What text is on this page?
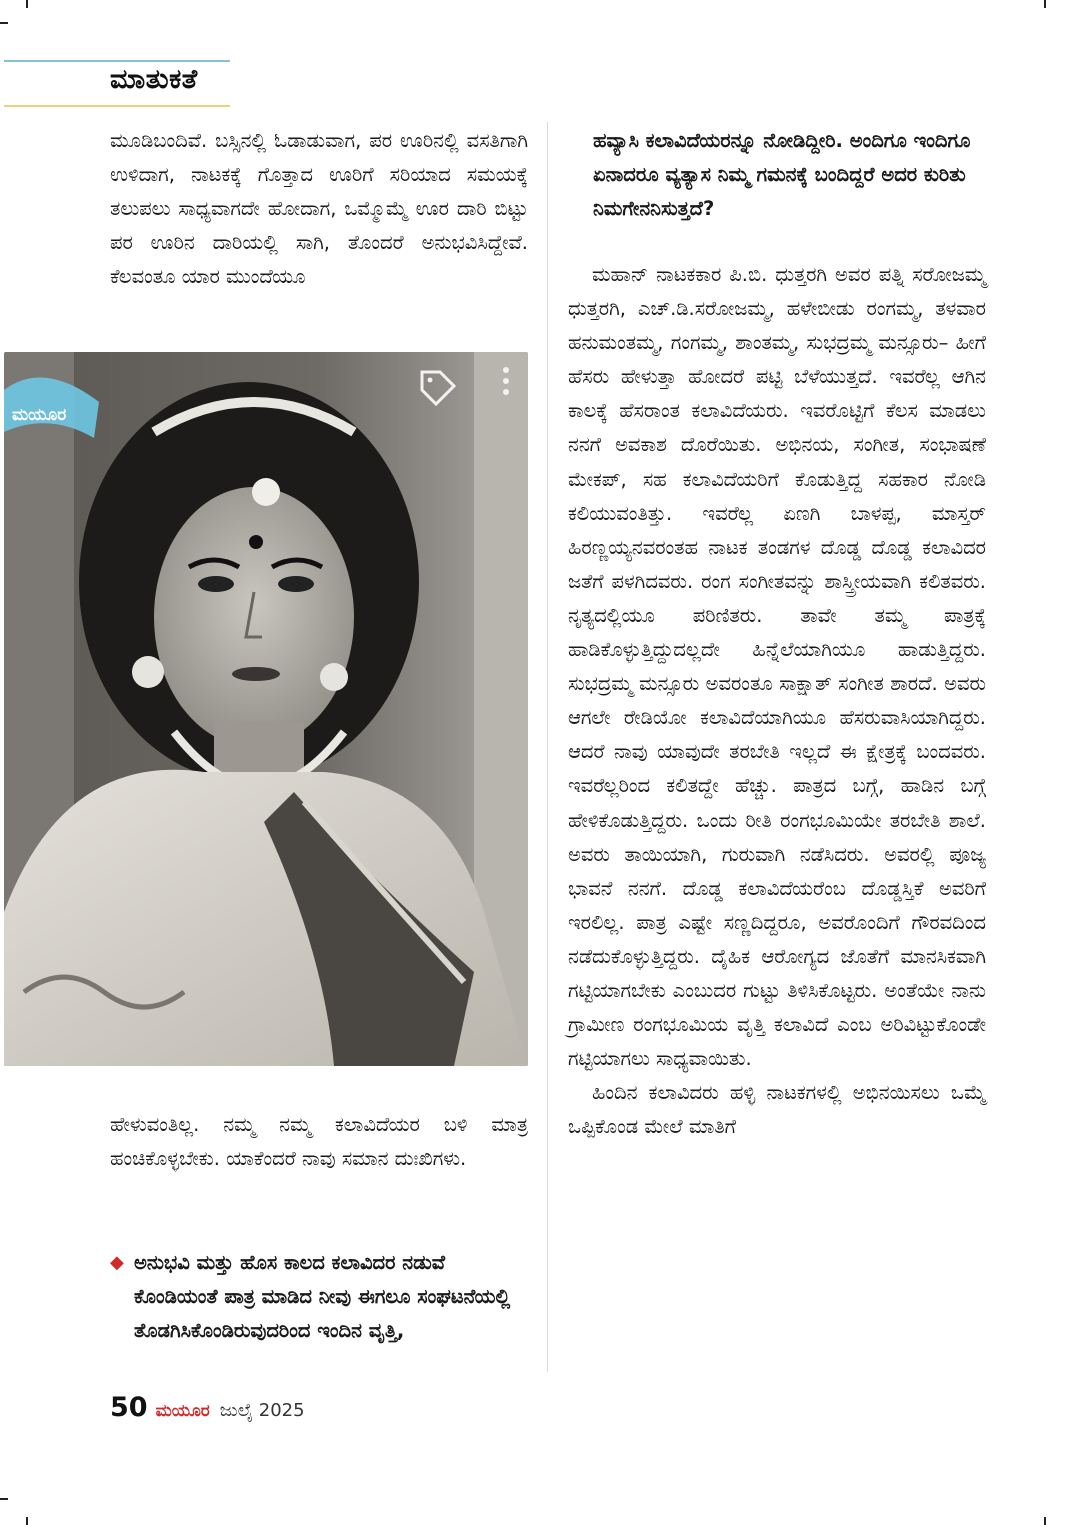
ಮಾತುಕತೆ

ಮೂಡಿಬಂದಿವೆ. ಬಸ್ಸಿನಲ್ಲಿ ಓಡಾಡುವಾಗ, ಪರ ಊರಿನಲ್ಲಿ ವಸತಿಗಾಗಿ ಉಳಿದಾಗ, ನಾಟಕಕ್ಕೆ ಗೊತ್ತಾದ ಊರಿಗೆ ಸರಿಯಾದ ಸಮಯಕ್ಕೆ ತಲುಪಲು ಸಾಧ್ಯವಾಗದೇ ಹೋದಾಗ, ಒಮ್ಮೊಮ್ಮೆ ಊರ ದಾರಿ ಬಿಟ್ಟು ಪರ ಊರಿನ ದಾರಿಯಲ್ಲಿ ಸಾಗಿ, ತೊಂದರೆ ಅನುಭವಿಸಿದ್ದೇವೆ. ಕೆಲವಂತೂ ಯಾರ ಮುಂದೆಯೂ

ಮಯೂರ

ಹೇಳುವಂತಿಲ್ಲ. ನಮ್ಮ ನಮ್ಮ ಕಲಾವಿದೆಯರ ಬಳಿ ಮಾತ್ರ ಹಂಚಿಕೊಳ್ಳಬೇಕು. ಯಾಕೆಂದರೆ ನಾವು ಸಮಾನ ದುಃಖಿಗಳು.

◆ ಅನುಭವಿ ಮತ್ತು ಹೊಸ ಕಾಲದ ಕಲಾವಿದರ ನಡುವೆ ಕೊಂಡಿಯಂತೆ ಪಾತ್ರ ಮಾಡಿದ ನೀವು ಈಗಲೂ ಸಂಘಟನೆಯಲ್ಲಿ ತೊಡಗಿಸಿಕೊಂಡಿರುವುದರಿಂದ ಇಂದಿನ ವೃತ್ತಿ,
ಹವ್ಯಾಸಿ ಕಲಾವಿದೆಯರನ್ನೂ ನೋಡಿದ್ದೀರಿ. ಅಂದಿಗೂ ಇಂದಿಗೂ ಏನಾದರೂ ವ್ಯತ್ಯಾಸ ನಿಮ್ಮ ಗಮನಕ್ಕೆ ಬಂದಿದ್ದರೆ ಅದರ ಕುರಿತು ನಿಮಗೇನನಿಸುತ್ತದೆ?

ಮಹಾನ್ ನಾಟಕಕಾರ ಪಿ.ಬಿ. ಧುತ್ತರಗಿ ಅವರ ಪತ್ನಿ ಸರೋಜಮ್ಮ ಧುತ್ತರಗಿ, ಎಚ್.ಡಿ.ಸರೋಜಮ್ಮ, ಹಳೇಬೀಡು ರಂಗಮ್ಮ, ತಳವಾರ ಹನುಮಂತಮ್ಮ, ಗಂಗಮ್ಮ, ಶಾಂತಮ್ಮ, ಸುಭದ್ರಮ್ಮ ಮನ್ಸೂರು– ಹೀಗೆ ಹೆಸರು ಹೇಳುತ್ತಾ ಹೋದರೆ ಪಟ್ಟಿ ಬೆಳೆಯುತ್ತದೆ. ಇವರೆಲ್ಲ ಆಗಿನ ಕಾಲಕ್ಕೆ ಹೆಸರಾಂತ ಕಲಾವಿದೆಯರು. ಇವರೊಟ್ಟಿಗೆ ಕೆಲಸ ಮಾಡಲು ನನಗೆ ಅವಕಾಶ ದೊರೆಯಿತು. ಅಭಿನಯ, ಸಂಗೀತ, ಸಂಭಾಷಣೆ ಮೇಕಪ್, ಸಹ ಕಲಾವಿದೆಯರಿಗೆ ಕೊಡುತ್ತಿದ್ದ ಸಹಕಾರ ನೋಡಿ ಕಲಿಯುವಂತಿತ್ತು. ಇವರೆಲ್ಲ ಏಣಗಿ ಬಾಳಪ್ಪ, ಮಾಸ್ತರ್ ಹಿರಣ್ಣಯ್ಯನವರಂತಹ ನಾಟಕ ತಂಡಗಳ ದೊಡ್ಡ ದೊಡ್ಡ ಕಲಾವಿದರ ಜತೆಗೆ ಪಳಗಿದವರು. ರಂಗ ಸಂಗೀತವನ್ನು ಶಾಸ್ತ್ರೀಯವಾಗಿ ಕಲಿತವರು. ನೃತ್ಯದಲ್ಲಿಯೂ ಪರಿಣಿತರು. ತಾವೇ ತಮ್ಮ ಪಾತ್ರಕ್ಕೆ ಹಾಡಿಕೊಳ್ಳುತ್ತಿದ್ದುದಲ್ಲದೇ ಹಿನ್ನೆಲೆಯಾಗಿಯೂ ಹಾಡುತ್ತಿದ್ದರು. ಸುಭದ್ರಮ್ಮ ಮನ್ಸೂರು ಅವರಂತೂ ಸಾಕ್ಷಾತ್ ಸಂಗೀತ ಶಾರದೆ. ಅವರು ಆಗಲೇ ರೇಡಿಯೋ ಕಲಾವಿದೆಯಾಗಿಯೂ ಹೆಸರುವಾಸಿಯಾಗಿದ್ದರು. ಆದರೆ ನಾವು ಯಾವುದೇ ತರಬೇತಿ ಇಲ್ಲದೆ ಈ ಕ್ಷೇತ್ರಕ್ಕೆ ಬಂದವರು. ಇವರೆಲ್ಲರಿಂದ ಕಲಿತದ್ದೇ ಹೆಚ್ಚು. ಪಾತ್ರದ ಬಗ್ಗೆ, ಹಾಡಿನ ಬಗ್ಗೆ ಹೇಳಿಕೊಡುತ್ತಿದ್ದರು. ಒಂದು ರೀತಿ ರಂಗಭೂಮಿಯೇ ತರಬೇತಿ ಶಾಲೆ. ಅವರು ತಾಯಿಯಾಗಿ, ಗುರುವಾಗಿ ನಡೆಸಿದರು. ಅವರಲ್ಲಿ ಪೂಜ್ಯ ಭಾವನೆ ನನಗೆ. ದೊಡ್ಡ ಕಲಾವಿದೆಯರೆಂಬ ದೊಡ್ಡಸ್ತಿಕೆ ಅವರಿಗೆ ಇರಲಿಲ್ಲ. ಪಾತ್ರ ಎಷ್ಟೇ ಸಣ್ಣದಿದ್ದರೂ, ಅವರೊಂದಿಗೆ ಗೌರವದಿಂದ ನಡೆದುಕೊಳ್ಳುತ್ತಿದ್ದರು. ದೈಹಿಕ ಆರೋಗ್ಯದ ಜೊತೆಗೆ ಮಾನಸಿಕವಾಗಿ ಗಟ್ಟಿಯಾಗಬೇಕು ಎಂಬುದರ ಗುಟ್ಟು ತಿಳಿಸಿಕೊಟ್ಟರು. ಅಂತೆಯೇ ನಾನು ಗ್ರಾಮೀಣ ರಂಗಭೂಮಿಯ ವೃತ್ತಿ ಕಲಾವಿದೆ ಎಂಬ ಅರಿವಿಟ್ಟುಕೊಂಡೇ ಗಟ್ಟಿಯಾಗಲು ಸಾಧ್ಯವಾಯಿತು.

ಹಿಂದಿನ ಕಲಾವಿದರು ಹಳ್ಳಿ ನಾಟಕಗಳಲ್ಲಿ ಅಭಿನಯಿಸಲು ಒಮ್ಮೆ ಒಪ್ಪಿಕೊಂಡ ಮೇಲೆ ಮಾತಿಗೆ

50 ಮಯೂರ ಜುಲೈ 2025
